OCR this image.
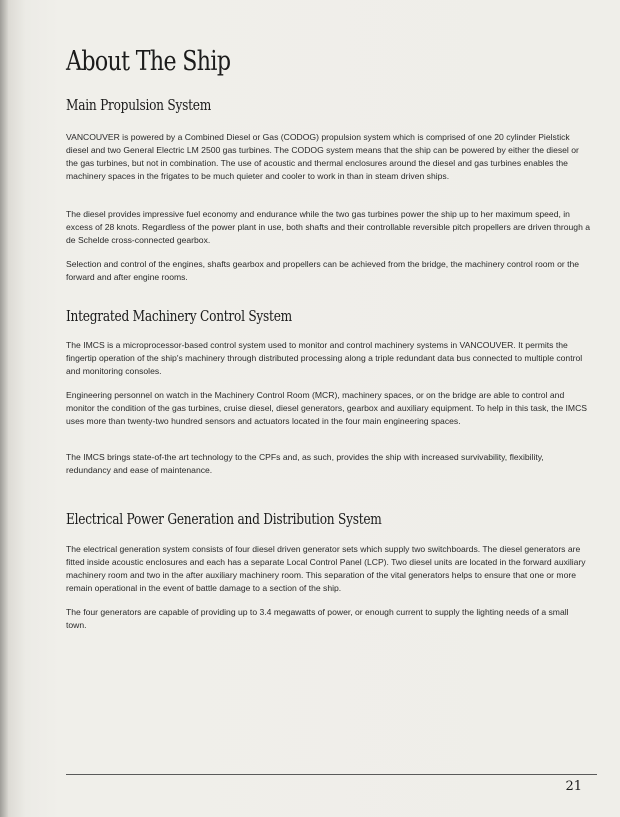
About The Ship
Main Propulsion System

VANCOUVER is powered by a Combined Diesel or Gas (CODOG) propulsion system which is comprised of one 20 cylinder Pielstick diesel and two General Electric LM 2500 gas turbines. The CODOG system means that the ship can be powered by either the diesel or the gas turbines, but not in combination. The use of acoustic and thermal enclosures around the diesel and gas turbines enables the machinery spaces in the frigates to be much quieter and cooler to work in than in steam driven ships.

The diesel provides impressive fuel economy and endurance while the two gas turbines power the ship up to her maximum speed, in excess of 28 knots. Regardless of the power plant in use, both shafts and their controllable reversible pitch propellers are driven through a de Schelde cross-connected gearbox.

Selection and control of the engines, shafts gearbox and propellers can be achieved from the bridge, the machinery control room or the forward and after engine rooms.

Integrated Machinery Control System

The IMCS is a microprocessor-based control system used to monitor and control machinery systems in VANCOUVER. It permits the fingertip operation of the ship's machinery through distributed processing along a triple redundant data bus connected to multiple control and monitoring consoles.

Engineering personnel on watch in the Machinery Control Room (MCR), machinery spaces, or on the bridge are able to control and monitor the condition of the gas turbines, cruise diesel, diesel generators, gearbox and auxiliary equipment. To help in this task, the IMCS uses more than twenty-two hundred sensors and actuators located in the four main engineering spaces.

The IMCS brings state-of-the art technology to the CPFs and, as such, provides the ship with increased survivability, flexibility, redundancy and ease of maintenance.

Electrical Power Generation and Distribution System

The electrical generation system consists of four diesel driven generator sets which supply two switchboards. The diesel generators are fitted inside acoustic enclosures and each has a separate Local Control Panel (LCP). Two diesel units are located in the forward auxiliary machinery room and two in the after auxiliary machinery room. This separation of the vital generators helps to ensure that one or more remain operational in the event of battle damage to a section of the ship.

The four generators are capable of providing up to 3.4 megawatts of power, or enough current to supply the lighting needs of a small town.

21
